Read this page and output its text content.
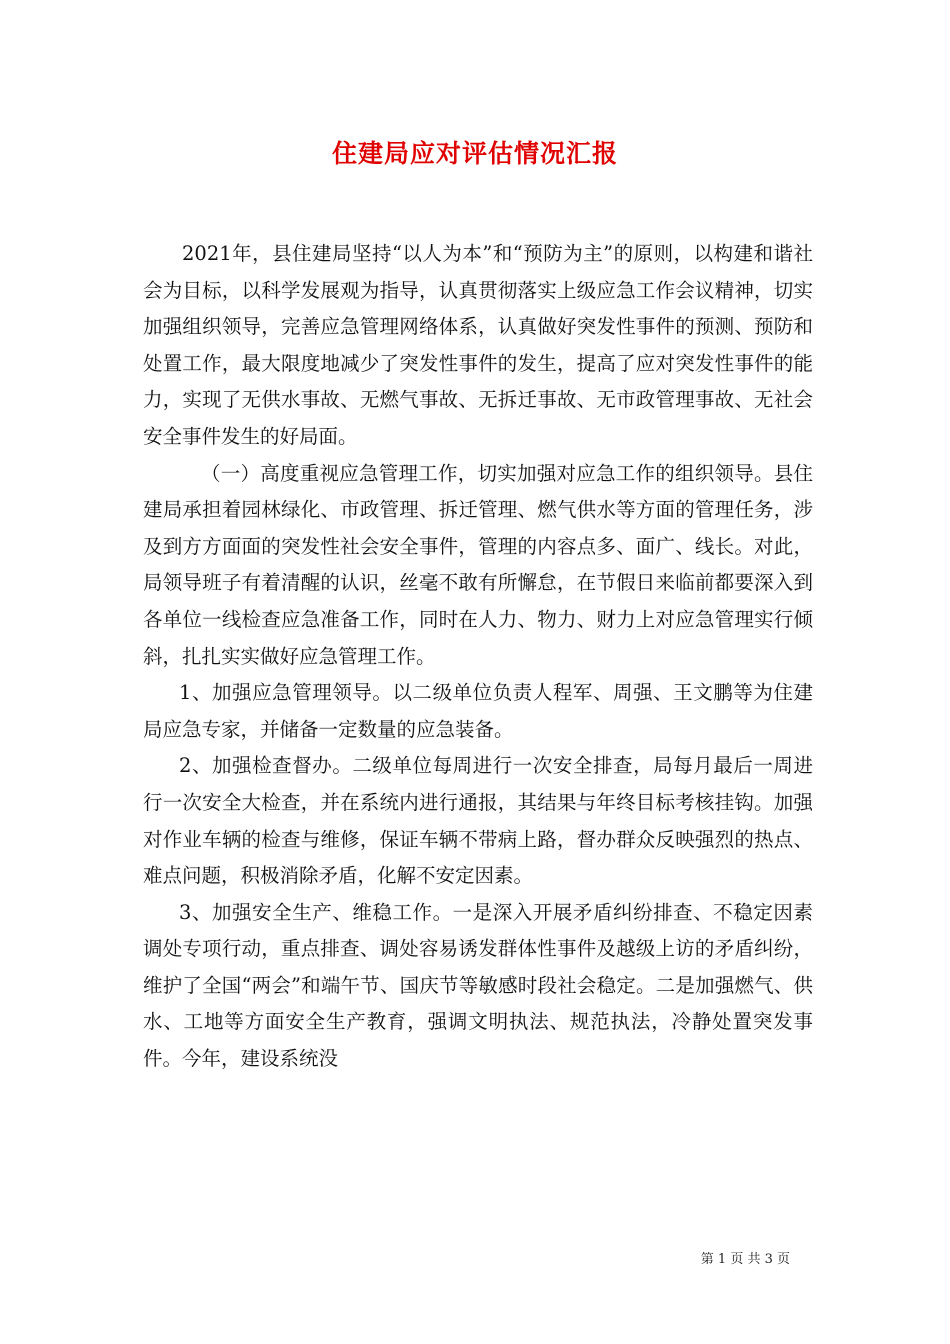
住建局应对评估情况汇报

2021年，县住建局坚持“以人为本”和“预防为主”的原则，以构建和谐社会为目标，以科学发展观为指导，认真贯彻落实上级应急工作会议精神，切实加强组织领导，完善应急管理网络体系，认真做好突发性事件的预测、预防和处置工作，最大限度地减少了突发性事件的发生，提高了应对突发性事件的能力，实现了无供水事故、无燃气事故、无拆迁事故、无市政管理事故、无社会安全事件发生的好局面。

（一）高度重视应急管理工作，切实加强对应急工作的组织领导。县住建局承担着园林绿化、市政管理、拆迁管理、燃气供水等方面的管理任务，涉及到方方面面的突发性社会安全事件，管理的内容点多、面广、线长。对此，局领导班子有着清醒的认识，丝毫不敢有所懈怠，在节假日来临前都要深入到各单位一线检查应急准备工作，同时在人力、物力、财力上对应急管理实行倾斜，扎扎实实做好应急管理工作。

1、加强应急管理领导。以二级单位负责人程军、周强、王文鹏等为住建局应急专家，并储备一定数量的应急装备。

2、加强检查督办。二级单位每周进行一次安全排查，局每月最后一周进行一次安全大检查，并在系统内进行通报，其结果与年终目标考核挂钩。加强对作业车辆的检查与维修，保证车辆不带病上路，督办群众反映强烈的热点、难点问题，积极消除矛盾，化解不安定因素。

3、加强安全生产、维稳工作。一是深入开展矛盾纠纷排查、不稳定因素调处专项行动，重点排查、调处容易诱发群体性事件及越级上访的矛盾纠纷，维护了全国“两会”和端午节、国庆节等敏感时段社会稳定。二是加强燃气、供水、工地等方面安全生产教育，强调文明执法、规范执法，冷静处置突发事件。今年，建设系统没

第 1 页 共 3 页
